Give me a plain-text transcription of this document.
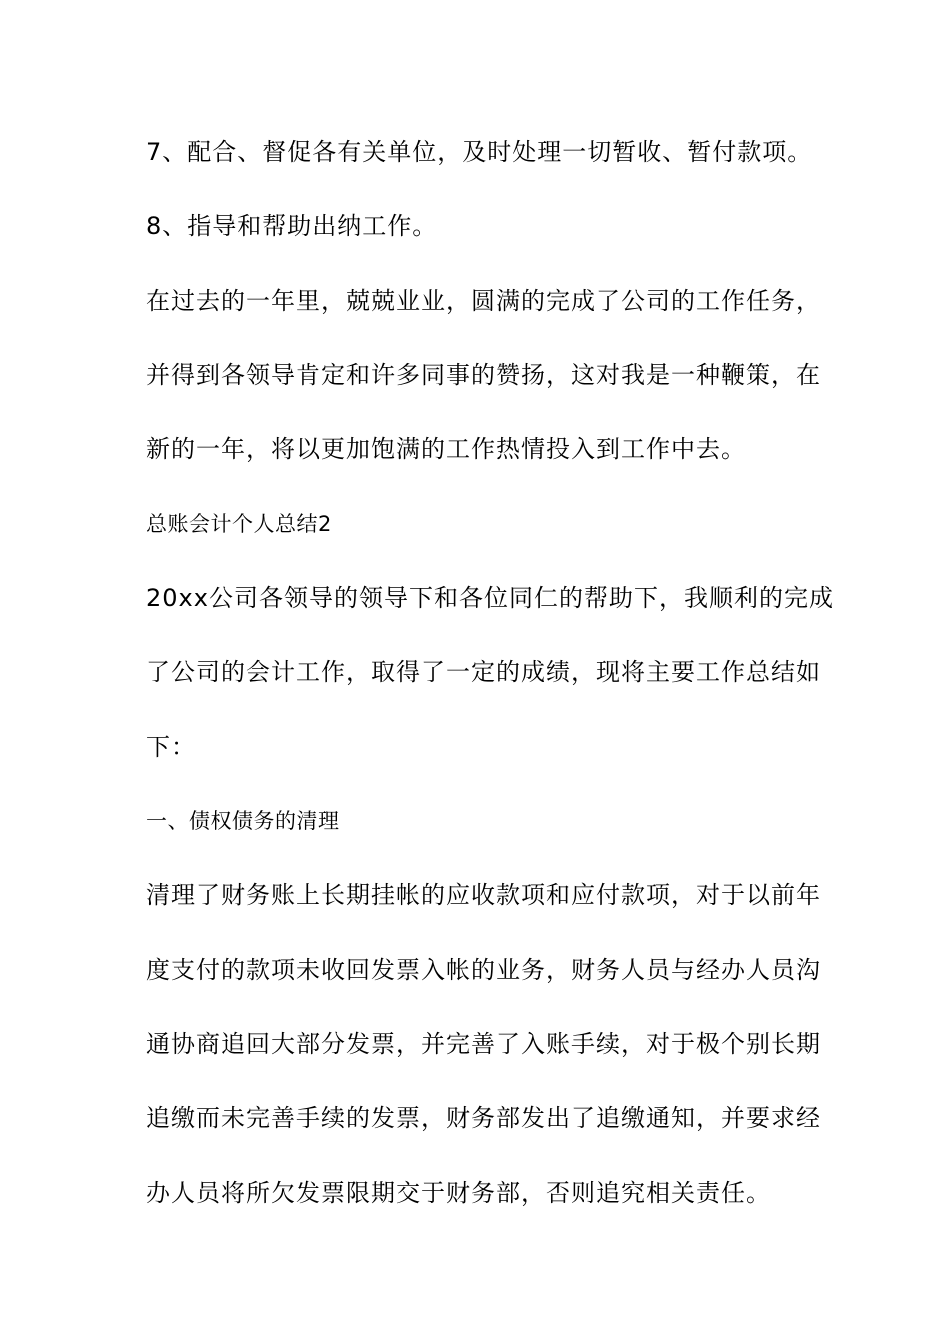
7、配合、督促各有关单位，及时处理一切暂收、暂付款项。
8、指导和帮助出纳工作。
在过去的一年里，兢兢业业，圆满的完成了公司的工作任务，
并得到各领导肯定和许多同事的赞扬，这对我是一种鞭策，在
新的一年，将以更加饱满的工作热情投入到工作中去。
总账会计个人总结2
20xx公司各领导的领导下和各位同仁的帮助下，我顺利的完成
了公司的会计工作，取得了一定的成绩，现将主要工作总结如
下：
一、债权债务的清理
清理了财务账上长期挂帐的应收款项和应付款项，对于以前年
度支付的款项未收回发票入帐的业务，财务人员与经办人员沟
通协商追回大部分发票，并完善了入账手续，对于极个别长期
追缴而未完善手续的发票，财务部发出了追缴通知，并要求经
办人员将所欠发票限期交于财务部，否则追究相关责任。
